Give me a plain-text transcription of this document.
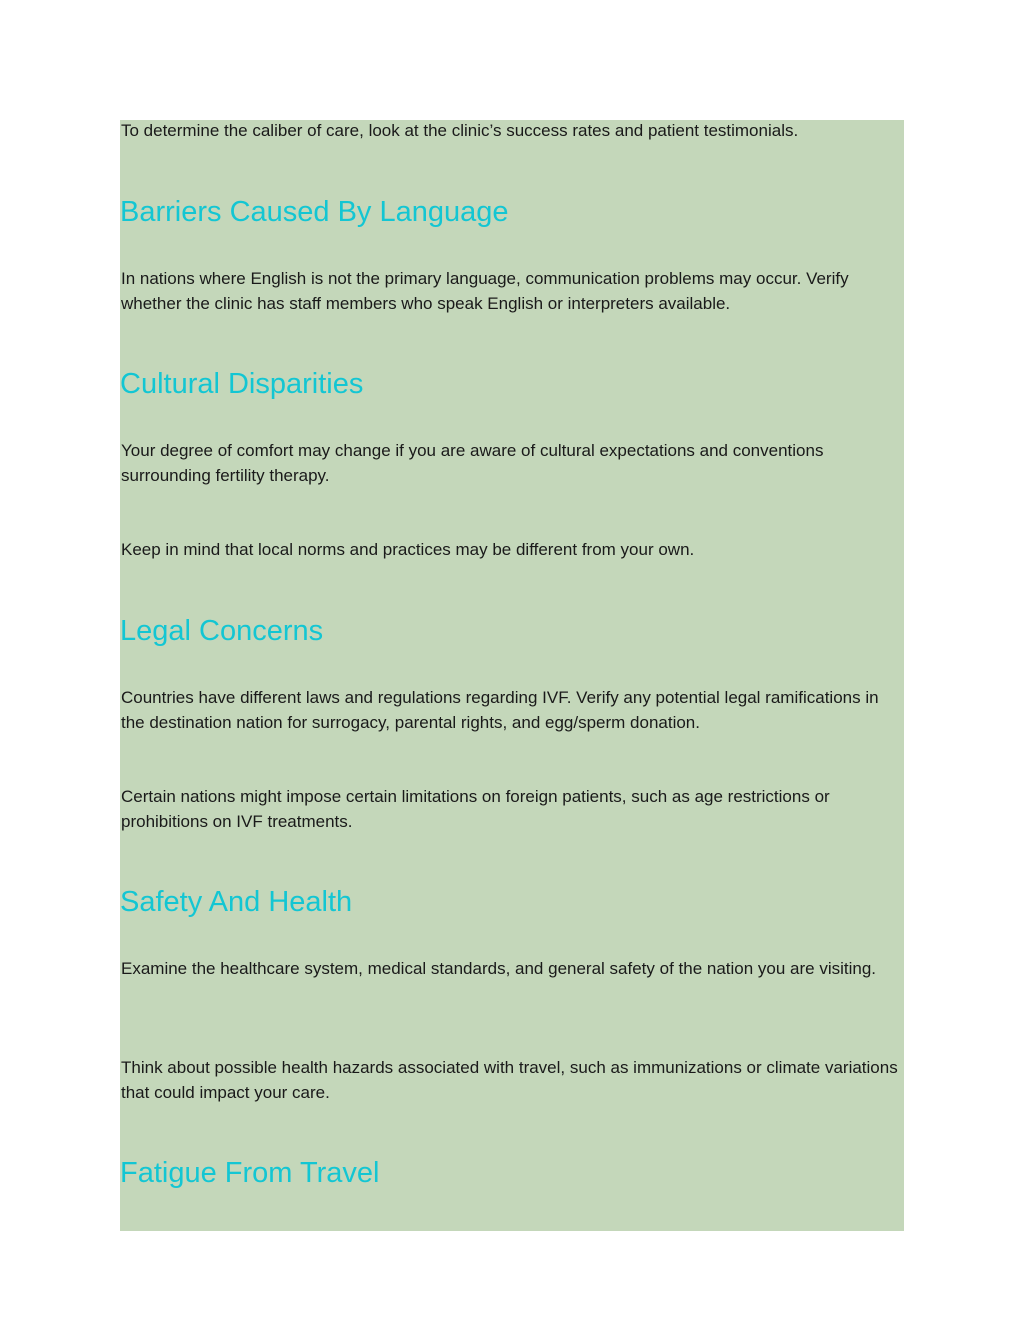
To determine the caliber of care, look at the clinic’s success rates and patient testimonials.

Barriers Caused By Language

In nations where English is not the primary language, communication problems may occur. Verify whether the clinic has staff members who speak English or interpreters available.

Cultural Disparities

Your degree of comfort may change if you are aware of cultural expectations and conventions surrounding fertility therapy.

Keep in mind that local norms and practices may be different from your own.

Legal Concerns

Countries have different laws and regulations regarding IVF. Verify any potential legal ramifications in the destination nation for surrogacy, parental rights, and egg/sperm donation.

Certain nations might impose certain limitations on foreign patients, such as age restrictions or prohibitions on IVF treatments.

Safety And Health

Examine the healthcare system, medical standards, and general safety of the nation you are visiting.

Think about possible health hazards associated with travel, such as immunizations or climate variations that could impact your care.

Fatigue From Travel
